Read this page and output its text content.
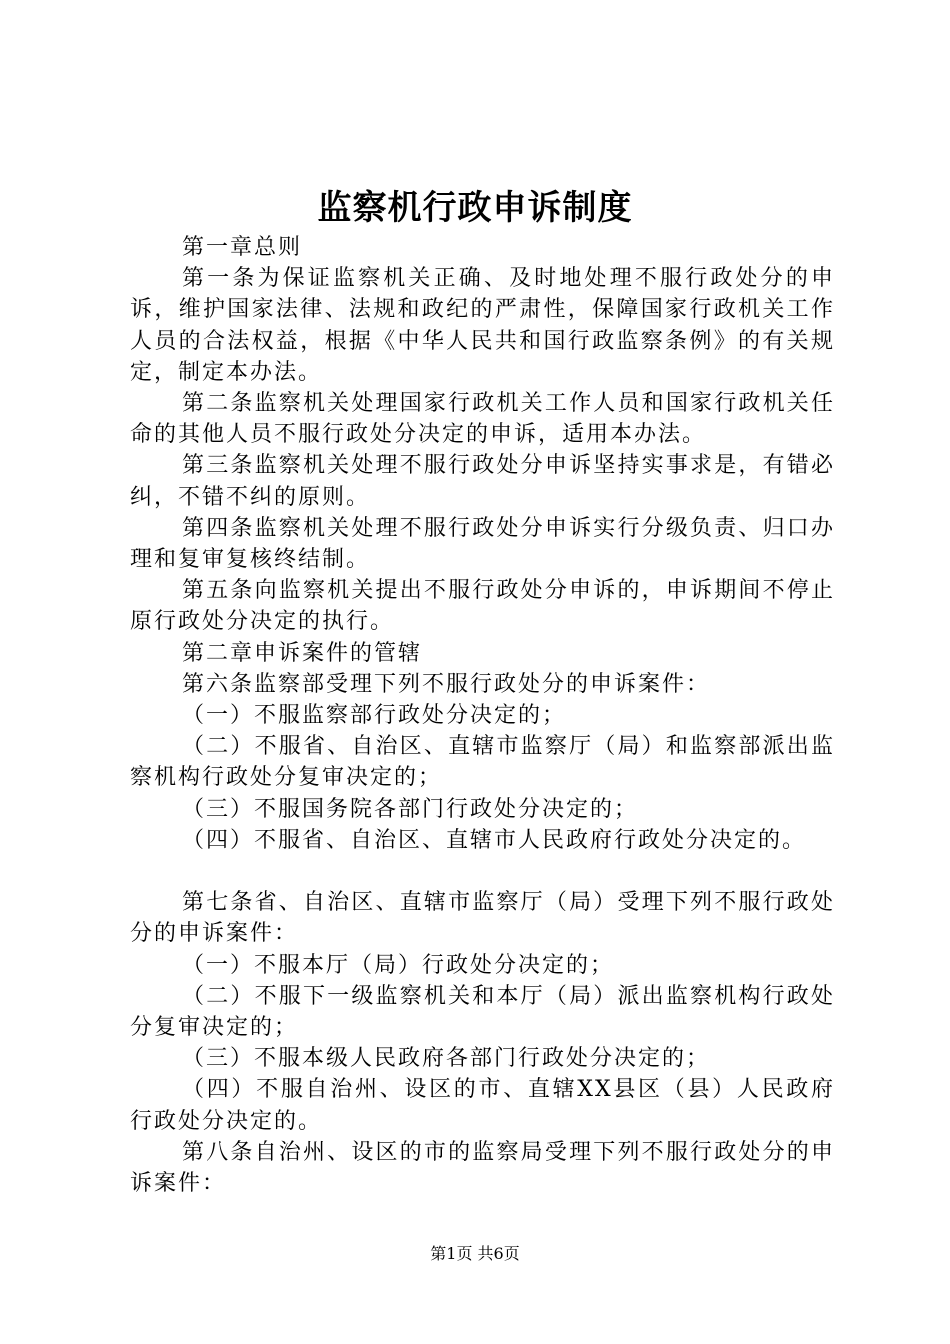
监察机行政申诉制度

第一章总则

第一条为保证监察机关正确、及时地处理不服行政处分的申诉，维护国家法律、法规和政纪的严肃性，保障国家行政机关工作人员的合法权益，根据《中华人民共和国行政监察条例》的有关规定，制定本办法。

第二条监察机关处理国家行政机关工作人员和国家行政机关任命的其他人员不服行政处分决定的申诉，适用本办法。

第三条监察机关处理不服行政处分申诉坚持实事求是，有错必纠，不错不纠的原则。

第四条监察机关处理不服行政处分申诉实行分级负责、归口办理和复审复核终结制。

第五条向监察机关提出不服行政处分申诉的，申诉期间不停止原行政处分决定的执行。

第二章申诉案件的管辖

第六条监察部受理下列不服行政处分的申诉案件：

（一）不服监察部行政处分决定的；

（二）不服省、自治区、直辖市监察厅（局）和监察部派出监察机构行政处分复审决定的；

（三）不服国务院各部门行政处分决定的；

（四）不服省、自治区、直辖市人民政府行政处分决定的。

第七条省、自治区、直辖市监察厅（局）受理下列不服行政处分的申诉案件：

（一）不服本厅（局）行政处分决定的；

（二）不服下一级监察机关和本厅（局）派出监察机构行政处分复审决定的；

（三）不服本级人民政府各部门行政处分决定的；

（四）不服自治州、设区的市、直辖XX县区（县）人民政府行政处分决定的。

第八条自治州、设区的市的监察局受理下列不服行政处分的申诉案件：

第1页 共6页
